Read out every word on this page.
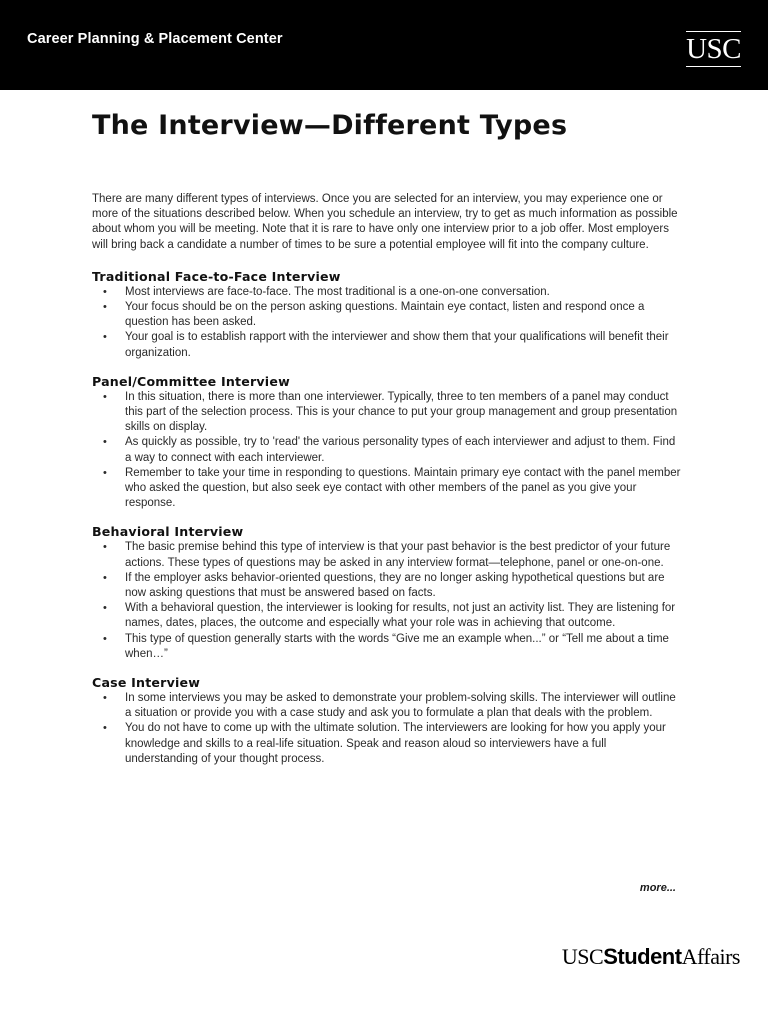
Career Planning & Placement Center	USC
The Interview—Different Types

There are many different types of interviews. Once you are selected for an interview, you may experience one or more of the situations described below. When you schedule an interview, try to get as much information as possible about whom you will be meeting. Note that it is rare to have only one interview prior to a job offer. Most employers will bring back a candidate a number of times to be sure a potential employee will fit into the company culture.

Traditional Face-to-Face Interview
• Most interviews are face-to-face. The most traditional is a one-on-one conversation.
• Your focus should be on the person asking questions. Maintain eye contact, listen and respond once a question has been asked.
• Your goal is to establish rapport with the interviewer and show them that your qualifications will benefit their organization.
Panel/Committee Interview
• In this situation, there is more than one interviewer. Typically, three to ten members of a panel may conduct this part of the selection process. This is your chance to put your group management and group presentation skills on display.
• As quickly as possible, try to 'read' the various personality types of each interviewer and adjust to them. Find a way to connect with each interviewer.
• Remember to take your time in responding to questions. Maintain primary eye contact with the panel member who asked the question, but also seek eye contact with other members of the panel as you give your response.
Behavioral Interview
• The basic premise behind this type of interview is that your past behavior is the best predictor of your future actions. These types of questions may be asked in any interview format—telephone, panel or one-on-one.
• If the employer asks behavior-oriented questions, they are no longer asking hypothetical questions but are now asking questions that must be answered based on facts.
• With a behavioral question, the interviewer is looking for results, not just an activity list. They are listening for names, dates, places, the outcome and especially what your role was in achieving that outcome.
• This type of question generally starts with the words “Give me an example when...” or “Tell me about a time when…”
Case Interview
• In some interviews you may be asked to demonstrate your problem-solving skills. The interviewer will outline a situation or provide you with a case study and ask you to formulate a plan that deals with the problem.
• You do not have to come up with the ultimate solution. The interviewers are looking for how you apply your knowledge and skills to a real-life situation. Speak and reason aloud so interviewers have a full understanding of your thought process.
more...
USCStudentAffairs
